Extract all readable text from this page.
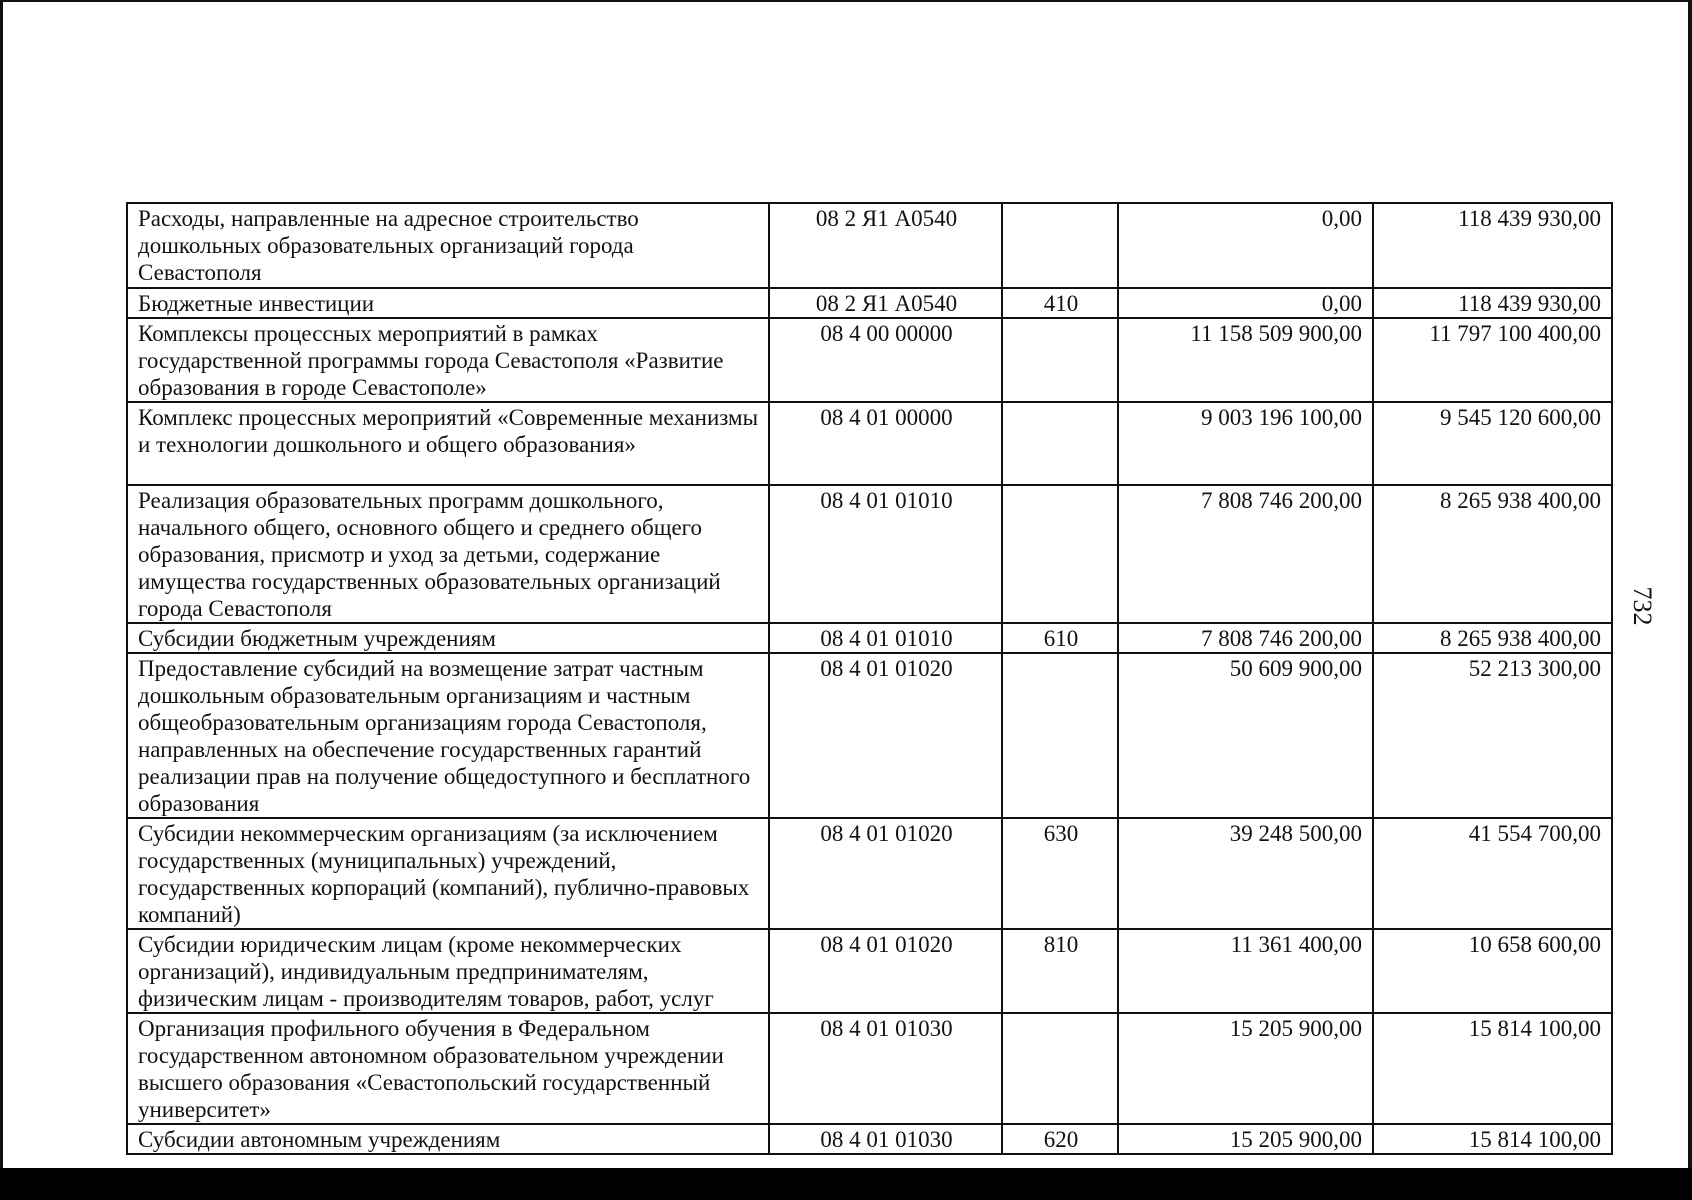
Расходы, направленные на адресное строительство дошкольных образовательных организаций города Севастополя	08 2 Я1 А0540		0,00	118 439 930,00
Бюджетные инвестиции	08 2 Я1 А0540	410	0,00	118 439 930,00
Комплексы процессных мероприятий в рамках государственной программы города Севастополя «Развитие образования в городе Севастополе»	08 4 00 00000		11 158 509 900,00	11 797 100 400,00
Комплекс процессных мероприятий «Современные механизмы и технологии дошкольного и общего образования»	08 4 01 00000		9 003 196 100,00	9 545 120 600,00
Реализация образовательных программ дошкольного, начального общего, основного общего и среднего общего образования, присмотр и уход за детьми, содержание имущества государственных образовательных организаций города Севастополя	08 4 01 01010		7 808 746 200,00	8 265 938 400,00
Субсидии бюджетным учреждениям	08 4 01 01010	610	7 808 746 200,00	8 265 938 400,00
Предоставление субсидий на возмещение затрат частным дошкольным образовательным организациям и частным общеобразовательным организациям города Севастополя, направленных на обеспечение государственных гарантий реализации прав на получение общедоступного и бесплатного образования	08 4 01 01020		50 609 900,00	52 213 300,00
Субсидии некоммерческим организациям (за исключением государственных (муниципальных) учреждений, государственных корпораций (компаний), публично-правовых компаний)	08 4 01 01020	630	39 248 500,00	41 554 700,00
Субсидии юридическим лицам (кроме некоммерческих организаций), индивидуальным предпринимателям, физическим лицам - производителям товаров, работ, услуг	08 4 01 01020	810	11 361 400,00	10 658 600,00
Организация профильного обучения в Федеральном государственном автономном образовательном учреждении высшего образования «Севастопольский государственный университет»	08 4 01 01030		15 205 900,00	15 814 100,00
Субсидии автономным учреждениям	08 4 01 01030	620	15 205 900,00	15 814 100,00
732
